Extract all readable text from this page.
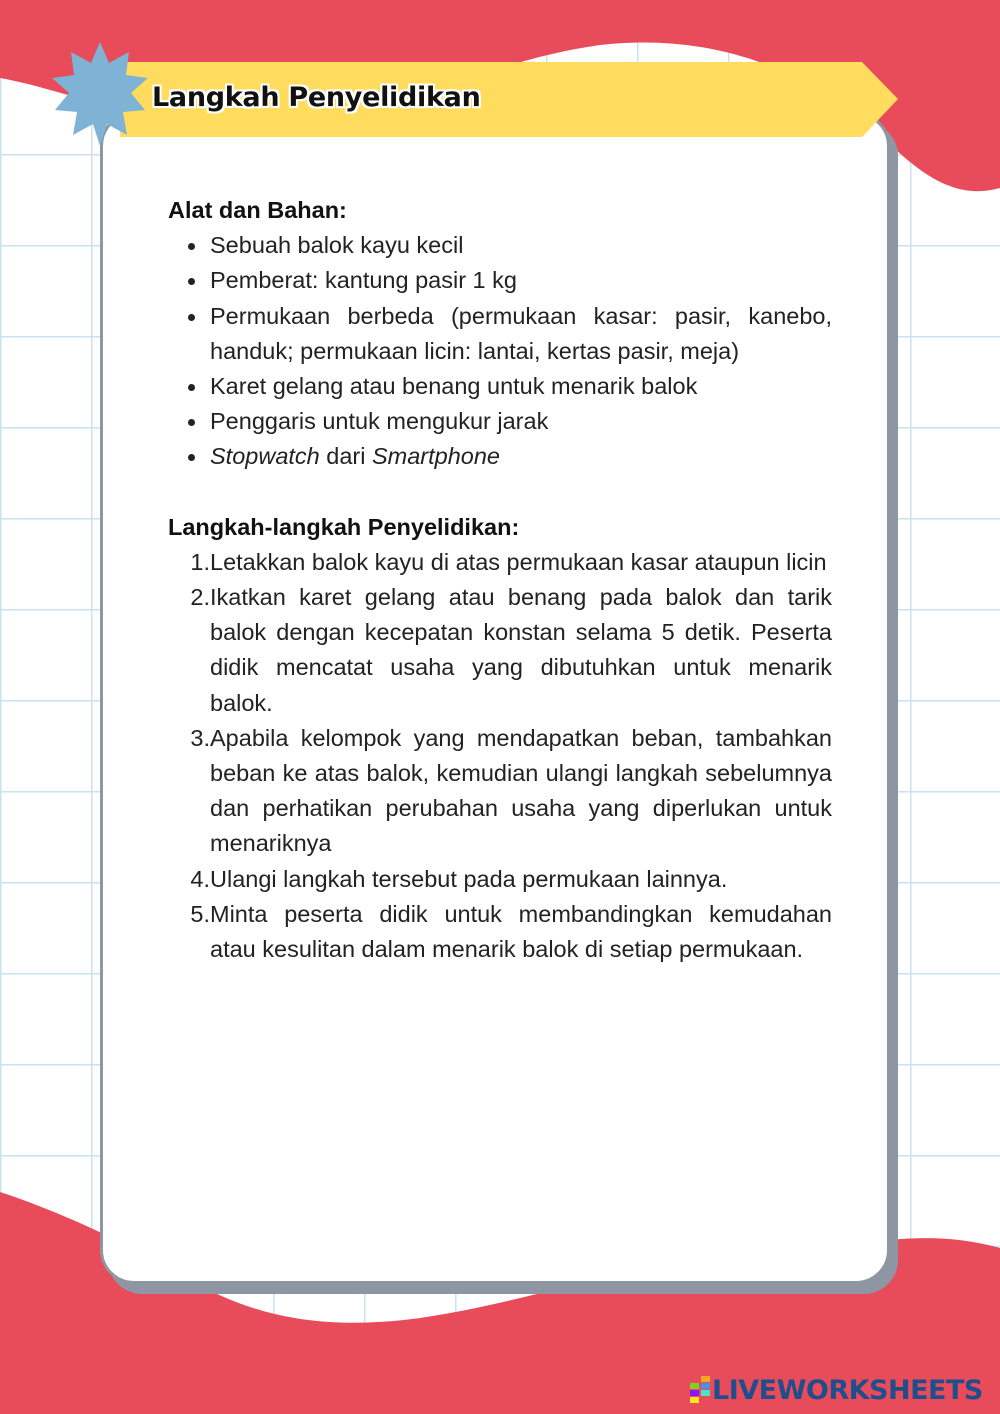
Langkah Penyelidikan
Alat dan Bahan:
Sebuah balok kayu kecil
Pemberat: kantung pasir 1 kg
Permukaan berbeda (permukaan kasar: pasir, kanebo, handuk; permukaan licin: lantai, kertas pasir, meja)
Karet gelang atau benang untuk menarik balok
Penggaris untuk mengukur jarak
Stopwatch dari Smartphone
Langkah-langkah Penyelidikan:
1. Letakkan balok kayu di atas permukaan kasar ataupun licin
2. Ikatkan karet gelang atau benang pada balok dan tarik balok dengan kecepatan konstan selama 5 detik. Peserta didik mencatat usaha yang dibutuhkan untuk menarik balok.
3. Apabila kelompok yang mendapatkan beban, tambahkan beban ke atas balok, kemudian ulangi langkah sebelumnya dan perhatikan perubahan usaha yang diperlukan untuk menariknya
4. Ulangi langkah tersebut pada permukaan lainnya.
5. Minta peserta didik untuk membandingkan kemudahan atau kesulitan dalam menarik balok di setiap permukaan.
LIVEWORKSHEETS
